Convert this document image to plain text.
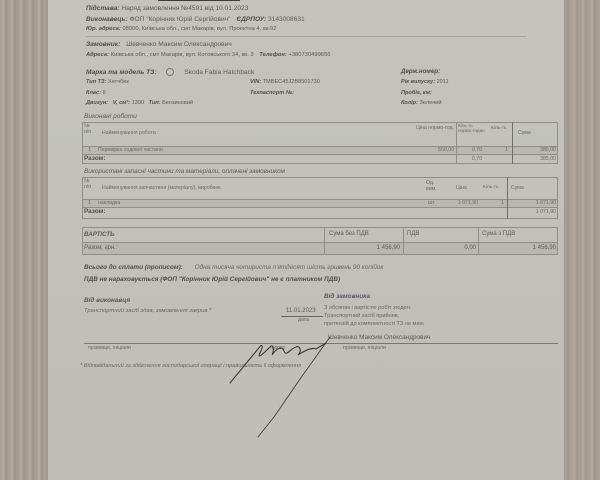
Підстава: Наряд замовлення №4591 від 10.01.2023
Виконавець: ФОП "Корінник Юрій Сергійович" ЄДРПОУ: 3143008631
Юр. адреса: 08000, Київська обл., смт Макарів, вул. Проектна 4, кв.92
Замовник: Шевченко Максим Олександрович
Адреса: Київська обл., смт Макарів, вул. Котовського 34, кв. 3 Телефон: +380730499656
Марка та модель ТЗ:	Skoda Fabia Hatchback
Тип ТЗ: Хетчбек	VIN: TMBEC45J2B8501730
Клас: II	Техпаспорт №:
Двигун: V, см³: 1390 Тип: Бензиновий
Держ.номер:
Рік випуску: 2011
Пробіг, км:
Колір: Зелений
Виконані роботи
№ п/п Найменування роботи
Ціна нормо-год. Кіль-ть нормо-годин Кіль-ть
Сума
1 Перевірка ходової частини	550,00	0,70	1	385,00
Разом:	0,70	385,00
Використані запасні частини та матеріали, оплачені замовником
№ п/п Найменування запчастини (матеріалу), виробник
Од. вим.	Ціна	Кіль-ть Сума
1 накладка	шт	1 071,90	1	1 071,90
Разом:	1 071,90
ВАРТІСТЬ	Сума без ПДВ	ПДВ	Сума з ПДВ
Разом, грн.:	1 456,90	0,00	1 456,90
Всього до сплати (прописом): Одна тисяча чотириста п'ятдесят шість гривень 90 копійок
ПДВ не нараховується (ФОП "Корінник Юрій Сергійович" не є платником ПДВ)
Від виконавця
Транспортний засіб здав, замовлення закрив.*	11.01.2023
дата
Від замовника
З обсягом і вартістю робіт згоден.
Транспортний засіб прийняв,
претензій до комплектності ТЗ не маю
Шевченко Максим Олександрович
прізвище, ініціали	підпис	прізвище, ініціали
* Відповідальний за здійснення господарської операції і правильність її оформлення
